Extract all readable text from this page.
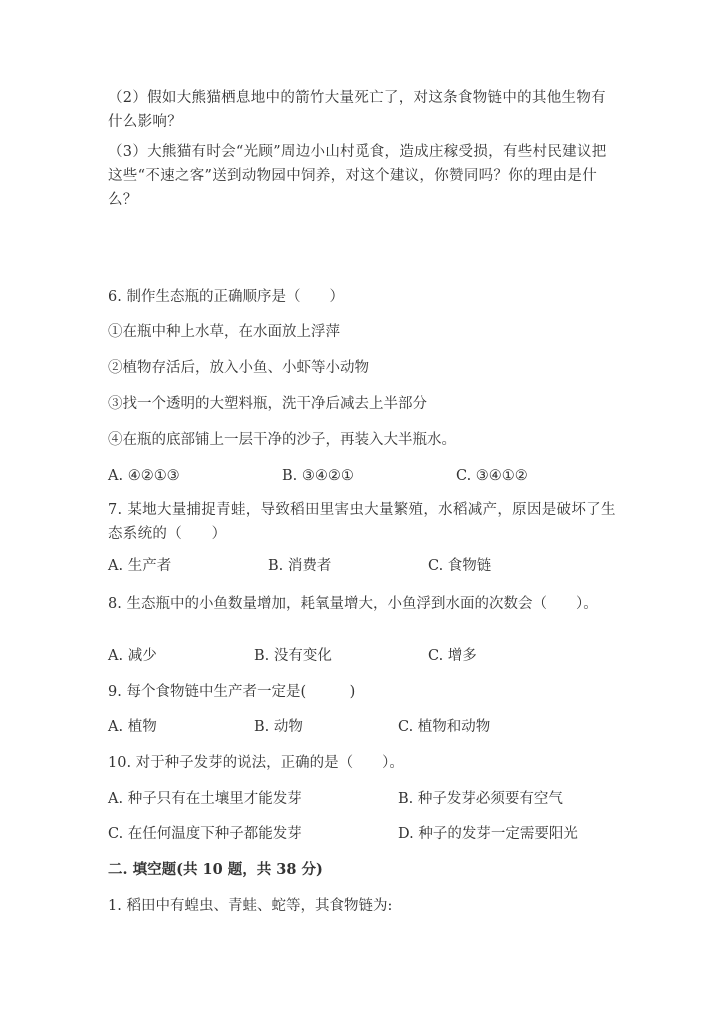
（2）假如大熊猫栖息地中的箭竹大量死亡了，对这条食物链中的其他生物有什么影响？
（3）大熊猫有时会“光顾”周边小山村觅食，造成庄稼受损，有些村民建议把这些“不速之客”送到动物园中饲养，对这个建议，你赞同吗？你的理由是什么？
6. 制作生态瓶的正确顺序是（　　）
①在瓶中种上水草，在水面放上浮萍
②植物存活后，放入小鱼、小虾等小动物
③找一个透明的大塑料瓶，洗干净后减去上半部分
④在瓶的底部铺上一层干净的沙子，再装入大半瓶水。
A. ④②①③	B. ③④②①	C. ③④①②
7. 某地大量捕捉青蛙，导致稻田里害虫大量繁殖，水稻减产，原因是破坏了生态系统的（　　）
A. 生产者	B. 消费者	C. 食物链
8. 生态瓶中的小鱼数量增加，耗氧量增大，小鱼浮到水面的次数会（　　）。
A. 减少	B. 没有变化	C. 增多
9. 每个食物链中生产者一定是(　　　)
A. 植物	B. 动物	C. 植物和动物
10. 对于种子发芽的说法，正确的是（　　）。
A. 种子只有在土壤里才能发芽	B. 种子发芽必须要有空气
C. 在任何温度下种子都能发芽	D. 种子的发芽一定需要阳光
二. 填空题(共 10 题，共 38 分)
1. 稻田中有蝗虫、青蛙、蛇等，其食物链为:
